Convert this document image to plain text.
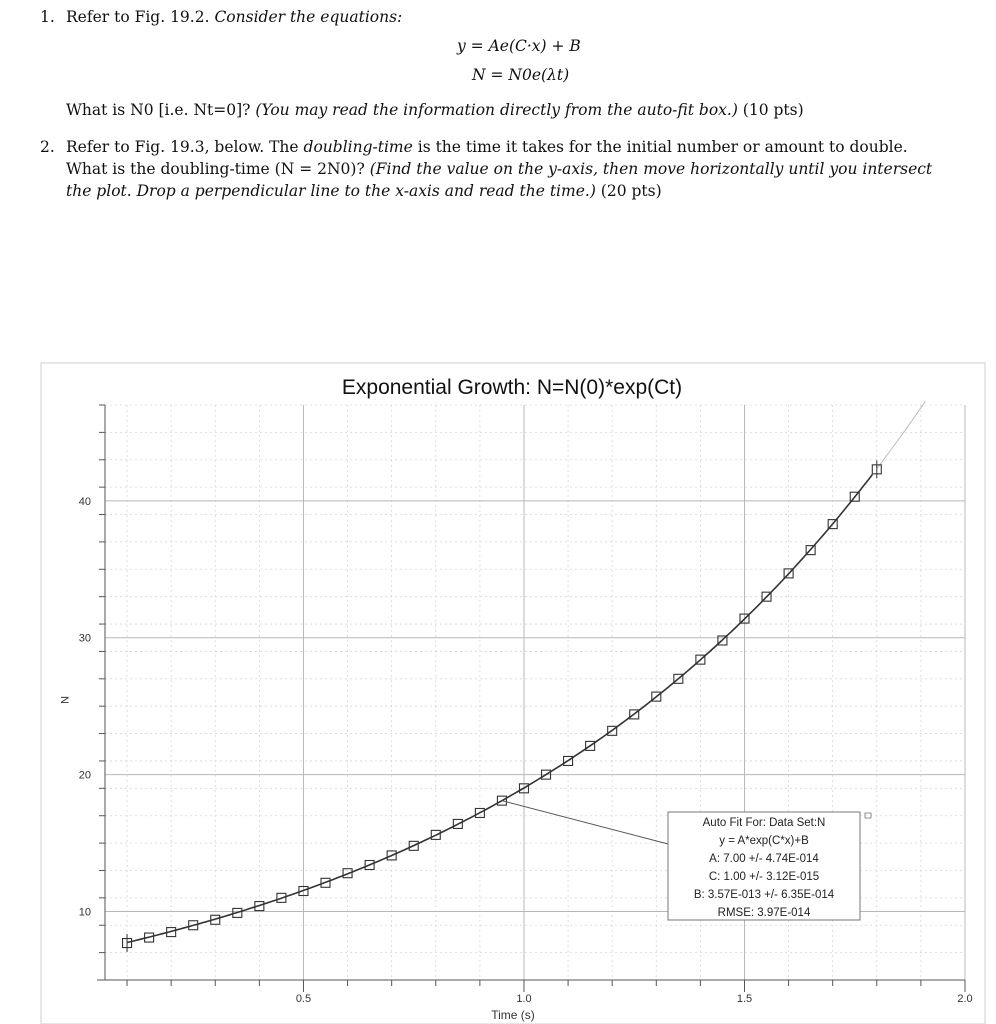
1. Refer to Fig. 19.2. Consider the equations:
y = Ae(C·x) + B
N = N0e(λt)
What is N0 [i.e. Nt=0]? (You may read the information directly from the auto-fit box.) (10 pts)
2. Refer to Fig. 19.3, below. The doubling-time is the time it takes for the initial number or amount to double.
What is the doubling-time (N = 2N0)? (Find the value on the y-axis, then move horizontally until you intersect
the plot. Drop a perpendicular line to the x-axis and read the time.) (20 pts)
Exponential Growth: N=N(0)*exp(Ct)
10
20
30
40
0.5	1.0	1.5	2.0
Auto Fit For: Data Set:N
y = A*exp(C*x)+B
A: 7.00 +/- 4.74E-014
C: 1.00 +/- 3.12E-015
B: 3.57E-013 +/- 6.35E-014
RMSE: 3.97E-014
Time (s)
N
